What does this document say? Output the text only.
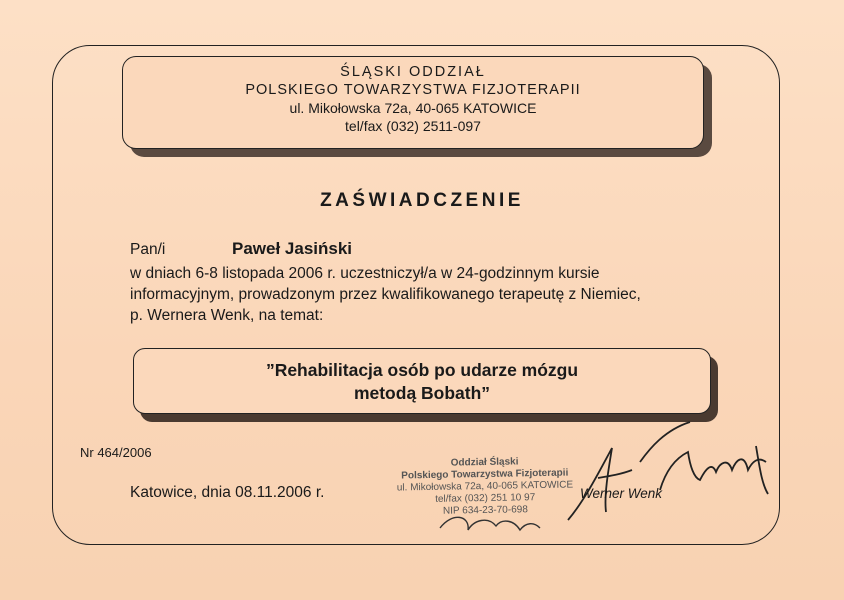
ŚLĄSKI ODDZIAŁ
POLSKIEGO TOWARZYSTWA FIZJOTERAPII
ul. Mikołowska 72a, 40-065 KATOWICE
tel/fax (032) 2511-097
ZAŚWIADCZENIE
Pan/i	Paweł Jasiński
w dniach 6-8 listopada 2006 r. uczestniczył/a w 24-godzinnym kursie
informacyjnym, prowadzonym przez kwalifikowanego terapeutę z Niemiec,
p. Wernera Wenk, na temat:
”Rehabilitacja osób po udarze mózgu
metodą Bobath”
Nr 464/2006
Katowice, dnia 08.11.2006 r.
Oddział Śląski
Polskiego Towarzystwa Fizjoterapii
ul. Mikołowska 72a, 40-065 KATOWICE
tel/fax (032) 251 10 97
NIP 634-23-70-698
Werner Wenk
